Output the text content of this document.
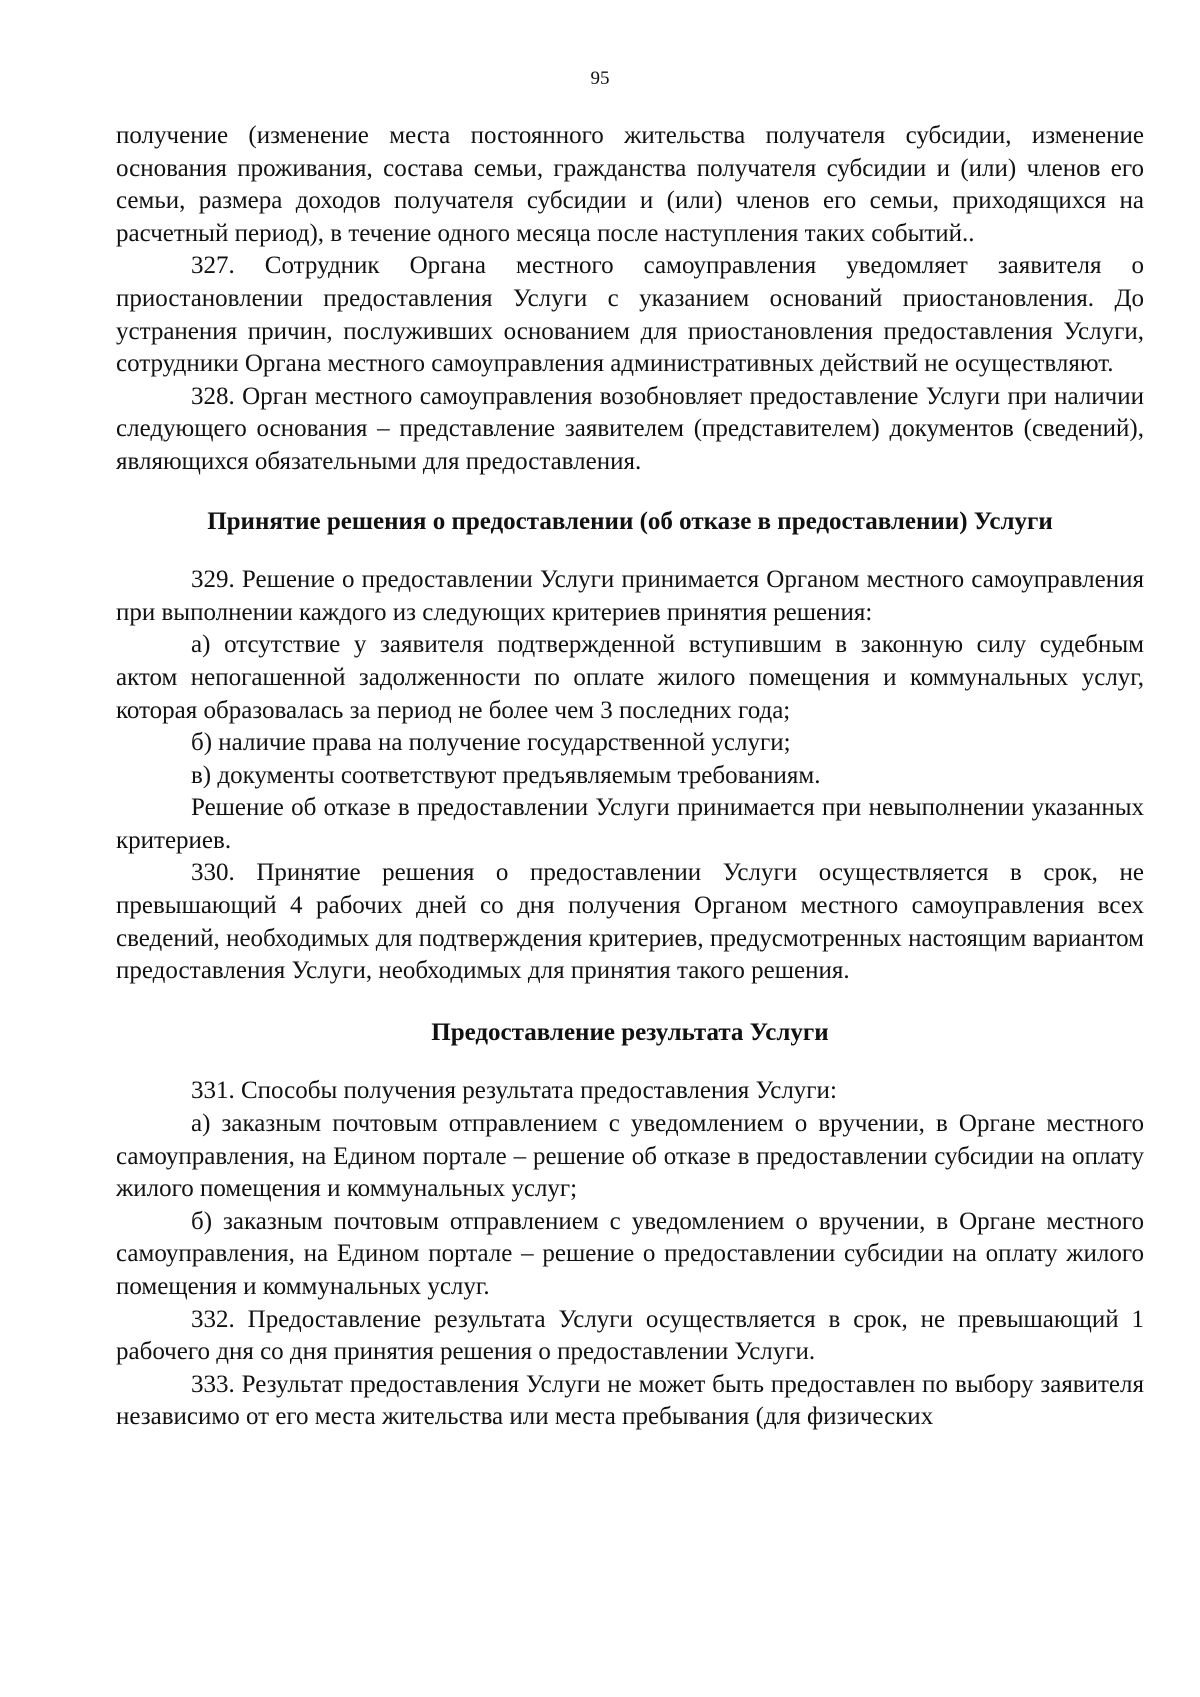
95

получение (изменение места постоянного жительства получателя субсидии, изменение основания проживания, состава семьи, гражданства получателя субсидии и (или) членов его семьи, размера доходов получателя субсидии и (или) членов его семьи, приходящихся на расчетный период), в течение одного месяца после наступления таких событий..

327. Сотрудник Органа местного самоуправления уведомляет заявителя о приостановлении предоставления Услуги с указанием оснований приостановления. До устранения причин, послуживших основанием для приостановления предоставления Услуги, сотрудники Органа местного самоуправления административных действий не осуществляют.

328. Орган местного самоуправления возобновляет предоставление Услуги при наличии следующего основания – представление заявителем (представителем) документов (сведений), являющихся обязательными для предоставления.

Принятие решения о предоставлении (об отказе в предоставлении) Услуги

329. Решение о предоставлении Услуги принимается Органом местного самоуправления при выполнении каждого из следующих критериев принятия решения:

а) отсутствие у заявителя подтвержденной вступившим в законную силу судебным актом непогашенной задолженности по оплате жилого помещения и коммунальных услуг, которая образовалась за период не более чем 3 последних года;

б) наличие права на получение государственной услуги;

в) документы соответствуют предъявляемым требованиям.

Решение об отказе в предоставлении Услуги принимается при невыполнении указанных критериев.

330. Принятие решения о предоставлении Услуги осуществляется в срок, не превышающий 4 рабочих дней со дня получения Органом местного самоуправления всех сведений, необходимых для подтверждения критериев, предусмотренных настоящим вариантом предоставления Услуги, необходимых для принятия такого решения.

Предоставление результата Услуги

331. Способы получения результата предоставления Услуги:

а) заказным почтовым отправлением с уведомлением о вручении, в Органе местного самоуправления, на Едином портале – решение об отказе в предоставлении субсидии на оплату жилого помещения и коммунальных услуг;

б) заказным почтовым отправлением с уведомлением о вручении, в Органе местного самоуправления, на Едином портале – решение о предоставлении субсидии на оплату жилого помещения и коммунальных услуг.

332. Предоставление результата Услуги осуществляется в срок, не превышающий 1 рабочего дня со дня принятия решения о предоставлении Услуги.

333. Результат предоставления Услуги не может быть предоставлен по выбору заявителя независимо от его места жительства или места пребывания (для физических
